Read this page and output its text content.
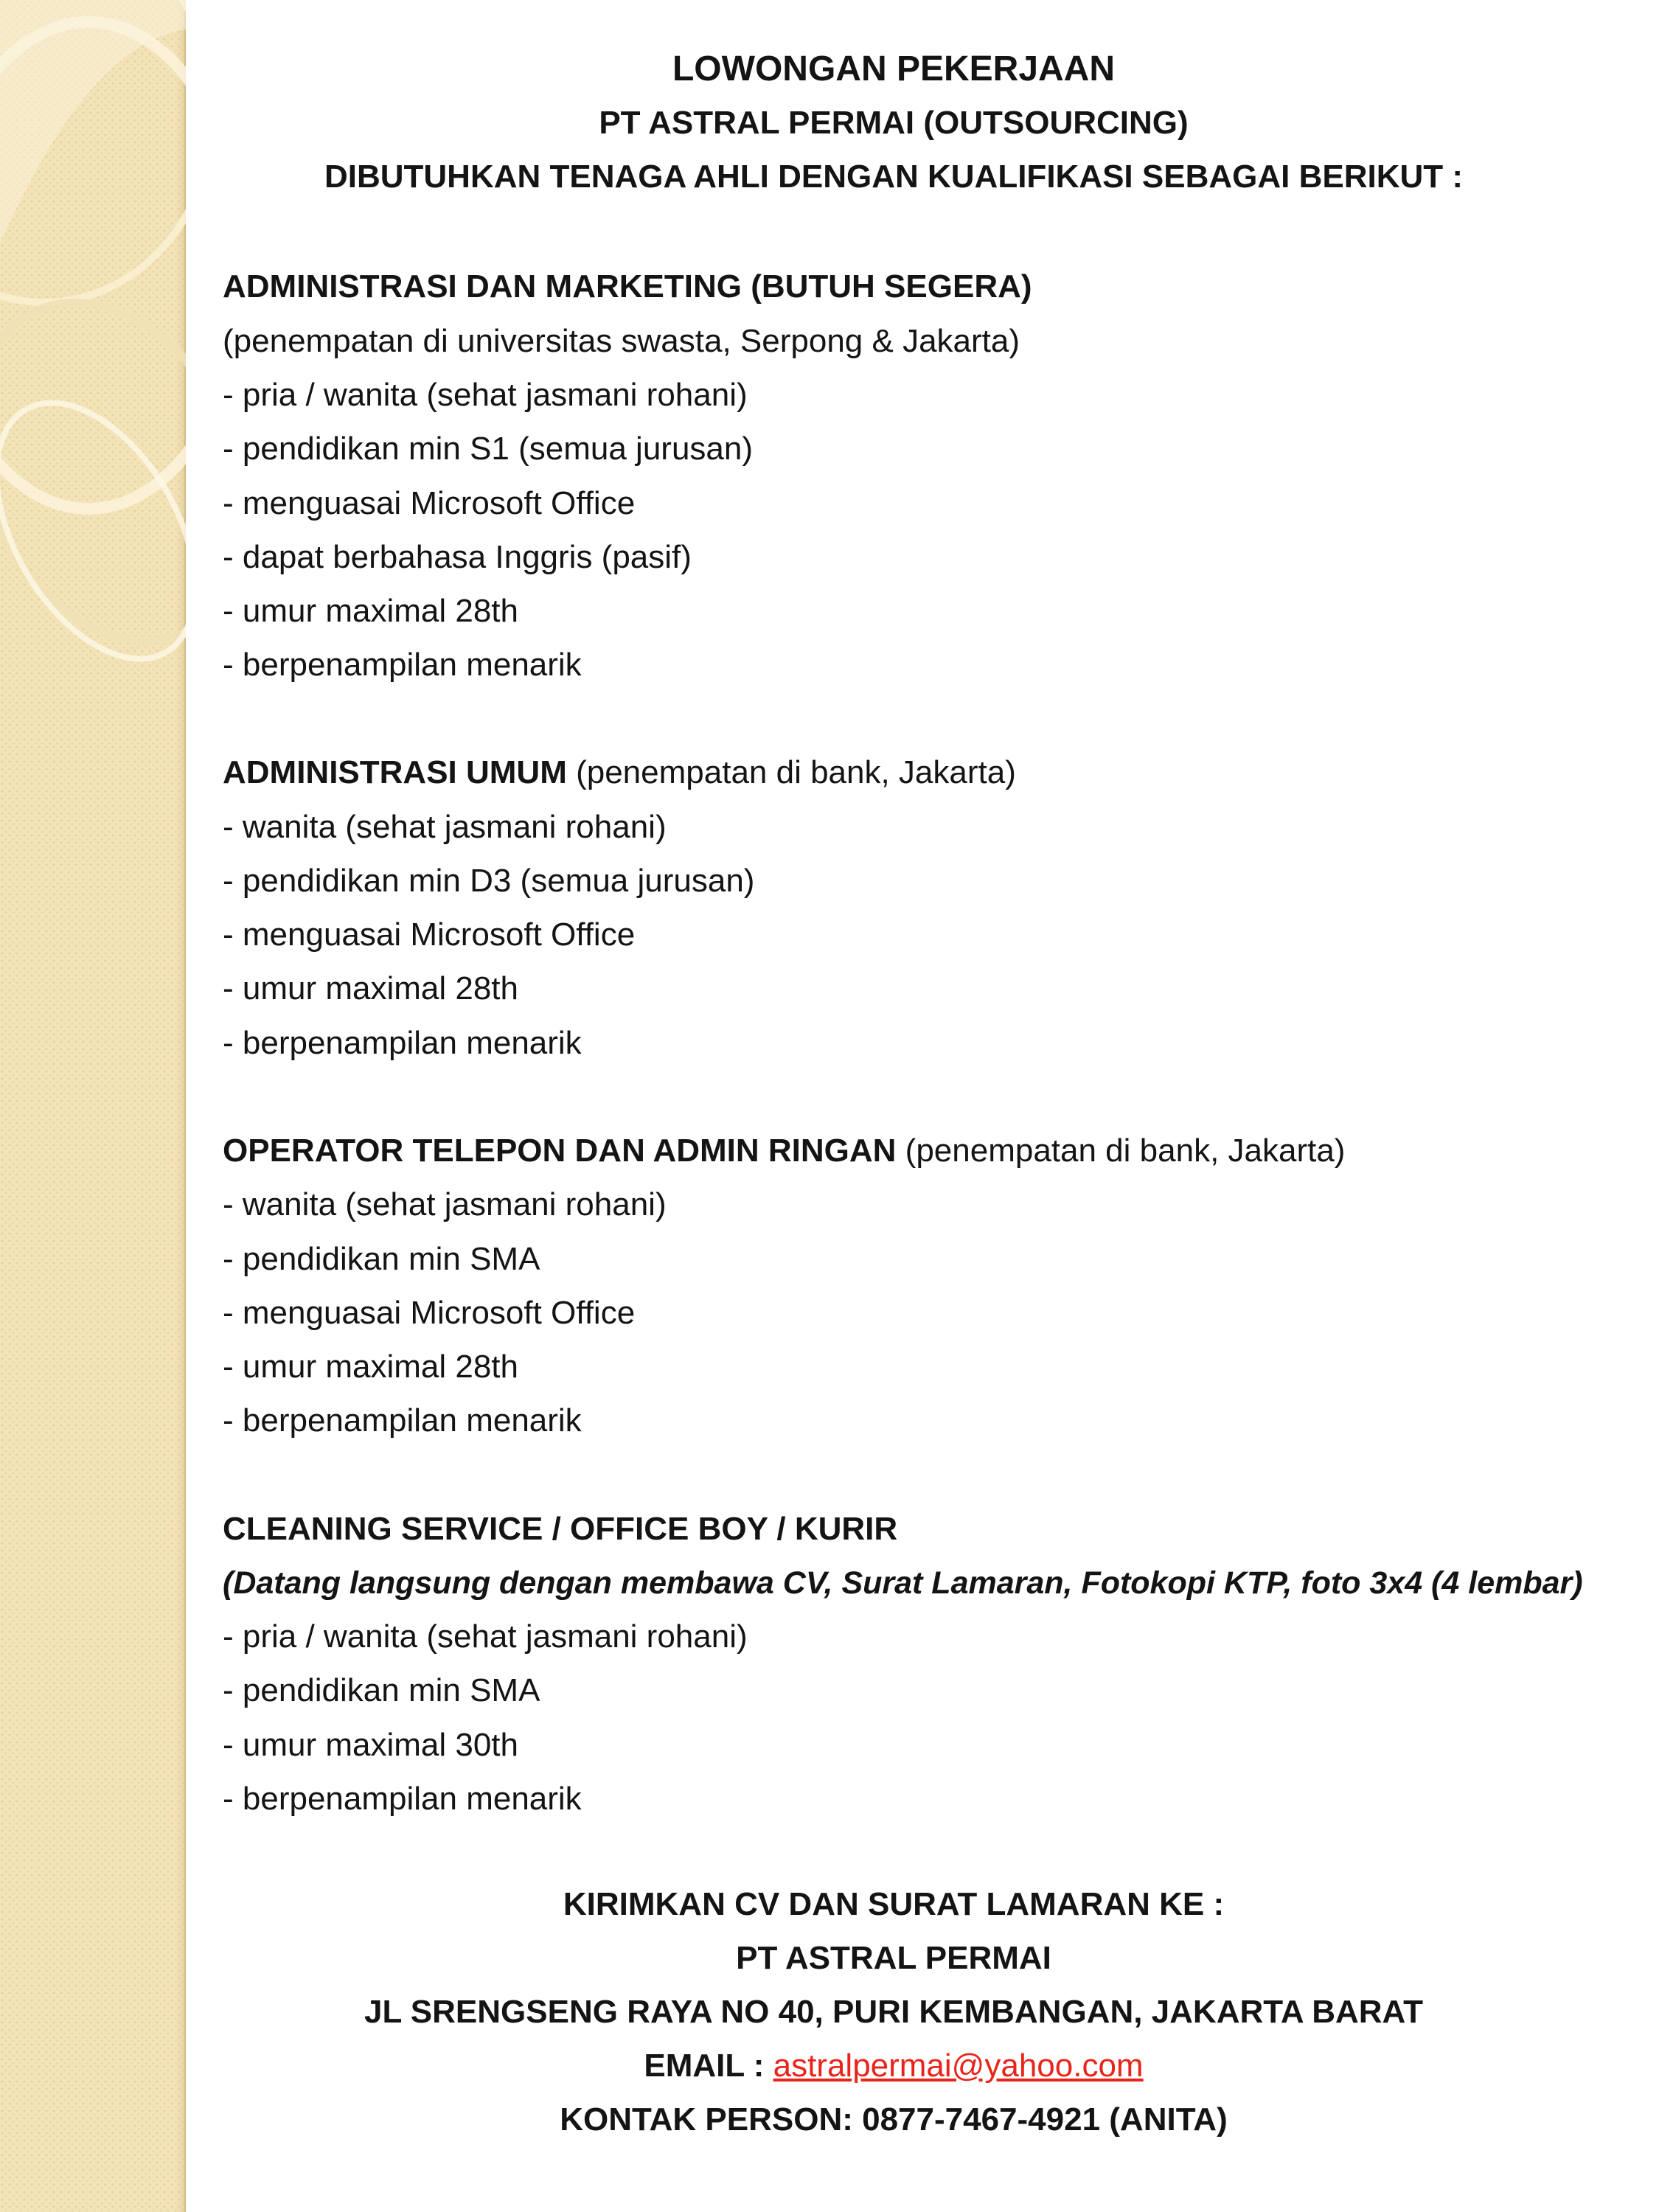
LOWONGAN PEKERJAAN
PT ASTRAL PERMAI (OUTSOURCING)
DIBUTUHKAN TENAGA AHLI DENGAN KUALIFIKASI SEBAGAI BERIKUT :
ADMINISTRASI DAN MARKETING (BUTUH SEGERA)
(penempatan di universitas swasta, Serpong & Jakarta)
- pria / wanita (sehat jasmani rohani)
- pendidikan min S1 (semua jurusan)
- menguasai Microsoft Office
- dapat berbahasa Inggris (pasif)
- umur maximal 28th
- berpenampilan menarik
ADMINISTRASI UMUM (penempatan di bank, Jakarta)
- wanita (sehat jasmani rohani)
- pendidikan min D3 (semua jurusan)
- menguasai Microsoft Office
- umur maximal 28th
- berpenampilan menarik
OPERATOR TELEPON DAN ADMIN RINGAN (penempatan di bank, Jakarta)
- wanita (sehat jasmani rohani)
- pendidikan min SMA
- menguasai Microsoft Office
- umur maximal 28th
- berpenampilan menarik
CLEANING SERVICE / OFFICE BOY / KURIR
(Datang langsung dengan membawa CV, Surat Lamaran, Fotokopi KTP, foto 3x4 (4 lembar)
- pria / wanita (sehat jasmani rohani)
- pendidikan min SMA
- umur maximal 30th
- berpenampilan menarik
KIRIMKAN CV DAN SURAT LAMARAN KE :
PT ASTRAL PERMAI
JL SRENGSENG RAYA NO 40, PURI KEMBANGAN, JAKARTA BARAT
EMAIL : astralpermai@yahoo.com
KONTAK PERSON: 0877-7467-4921 (ANITA)
